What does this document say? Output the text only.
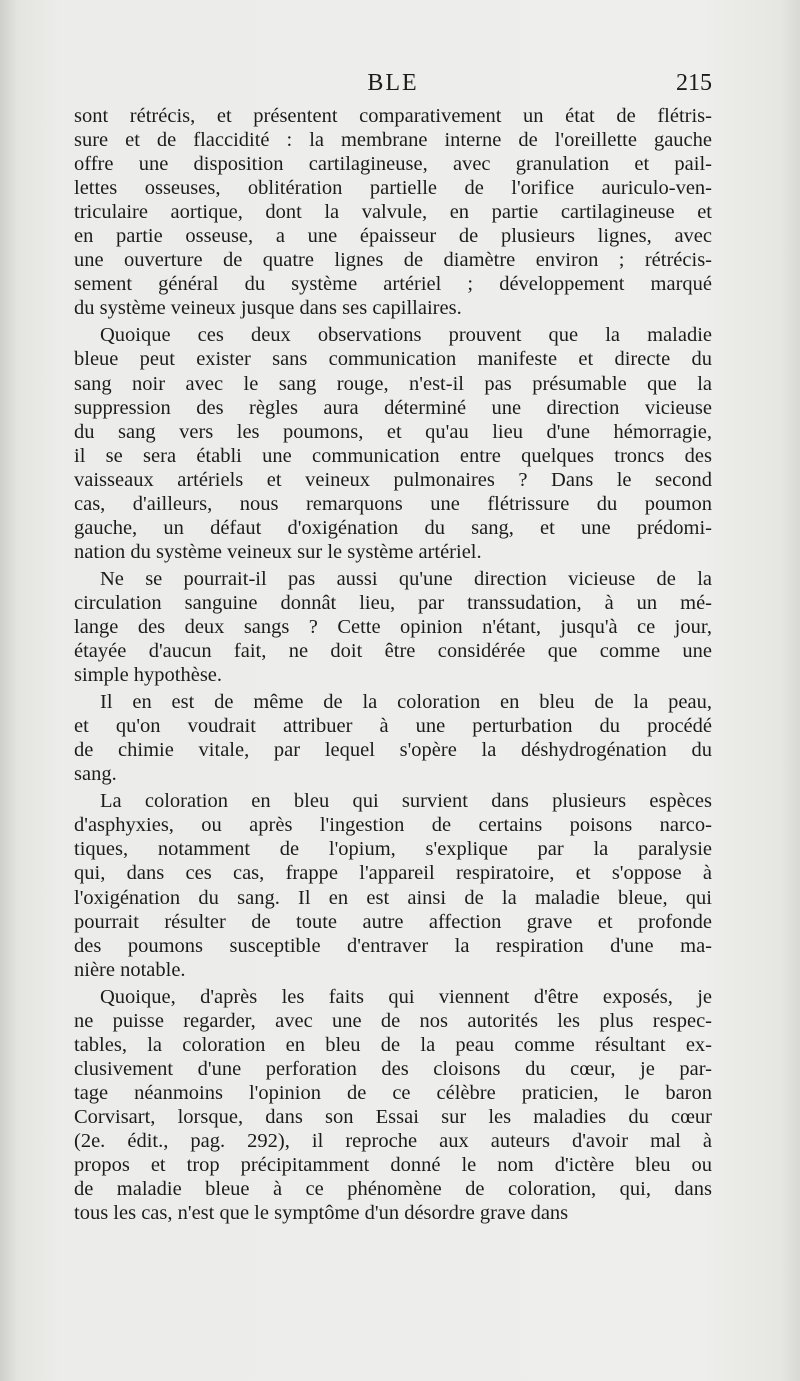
BLE	215
sont rétrécis, et présentent comparativement un état de flétris-
sure et de flaccidité : la membrane interne de l'oreillette gauche
offre une disposition cartilagineuse, avec granulation et pail-
lettes osseuses, oblitération partielle de l'orifice auriculo-ven-
triculaire aortique, dont la valvule, en partie cartilagineuse et
en partie osseuse, a une épaisseur de plusieurs lignes, avec
une ouverture de quatre lignes de diamètre environ ; rétrécis-
sement général du système artériel ; développement marqué
du système veineux jusque dans ses capillaires.
Quoique ces deux observations prouvent que la maladie
bleue peut exister sans communication manifeste et directe du
sang noir avec le sang rouge, n'est-il pas présumable que la
suppression des règles aura déterminé une direction vicieuse
du sang vers les poumons, et qu'au lieu d'une hémorragie,
il se sera établi une communication entre quelques troncs des
vaisseaux artériels et veineux pulmonaires ? Dans le second
cas, d'ailleurs, nous remarquons une flétrissure du poumon
gauche, un défaut d'oxigénation du sang, et une prédomi-
nation du système veineux sur le système artériel.
Ne se pourrait-il pas aussi qu'une direction vicieuse de la
circulation sanguine donnât lieu, par transsudation, à un mé-
lange des deux sangs ? Cette opinion n'étant, jusqu'à ce jour,
étayée d'aucun fait, ne doit être considérée que comme une
simple hypothèse.
Il en est de même de la coloration en bleu de la peau,
et qu'on voudrait attribuer à une perturbation du procédé
de chimie vitale, par lequel s'opère la déshydrogénation du
sang.
La coloration en bleu qui survient dans plusieurs espèces
d'asphyxies, ou après l'ingestion de certains poisons narco-
tiques, notamment de l'opium, s'explique par la paralysie
qui, dans ces cas, frappe l'appareil respiratoire, et s'oppose à
l'oxigénation du sang. Il en est ainsi de la maladie bleue, qui
pourrait résulter de toute autre affection grave et profonde
des poumons susceptible d'entraver la respiration d'une ma-
nière notable.
Quoique, d'après les faits qui viennent d'être exposés, je
ne puisse regarder, avec une de nos autorités les plus respec-
tables, la coloration en bleu de la peau comme résultant ex-
clusivement d'une perforation des cloisons du cœur, je par-
tage néanmoins l'opinion de ce célèbre praticien, le baron
Corvisart, lorsque, dans son Essai sur les maladies du cœur
(2e. édit., pag. 292), il reproche aux auteurs d'avoir mal à
propos et trop précipitamment donné le nom d'ictère bleu ou
de maladie bleue à ce phénomène de coloration, qui, dans
tous les cas, n'est que le symptôme d'un désordre grave dans
